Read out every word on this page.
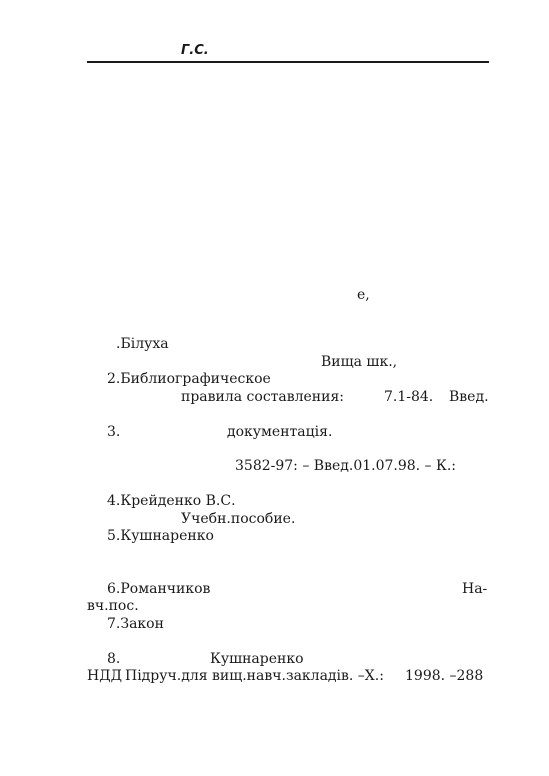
Г.С.
е,
.Білуха
Вища шк.,
2.Библиографическое
правила составления:	7.1-84. Введ.
3.	документація.
3582-97: – Введ.01.07.98. – К.:
4.Крейденко В.С.
Учебн.пособие.
5.Кушнаренко
6.Романчиков	На-
вч.пос.
7.Закон
8.	Кушнаренко
НДД Підруч.для вищ.навч.закладів. –Х.: 1998. –288
